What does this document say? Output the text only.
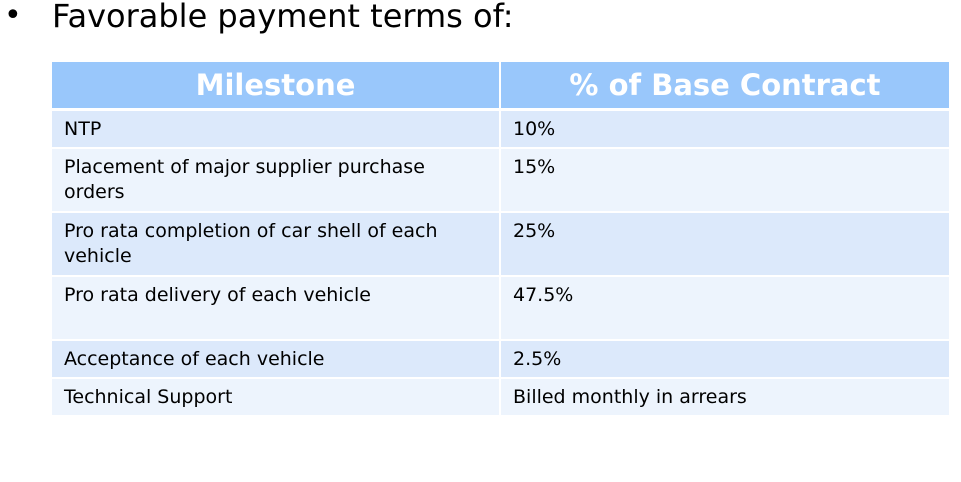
• Favorable payment terms of:
Milestone	% of Base Contract
NTP	10%
Placement of major supplier purchase orders	15%
Pro rata completion of car shell of each vehicle	25%
Pro rata delivery of each vehicle	47.5%
Acceptance of each vehicle	2.5%
Technical Support	Billed monthly in arrears
